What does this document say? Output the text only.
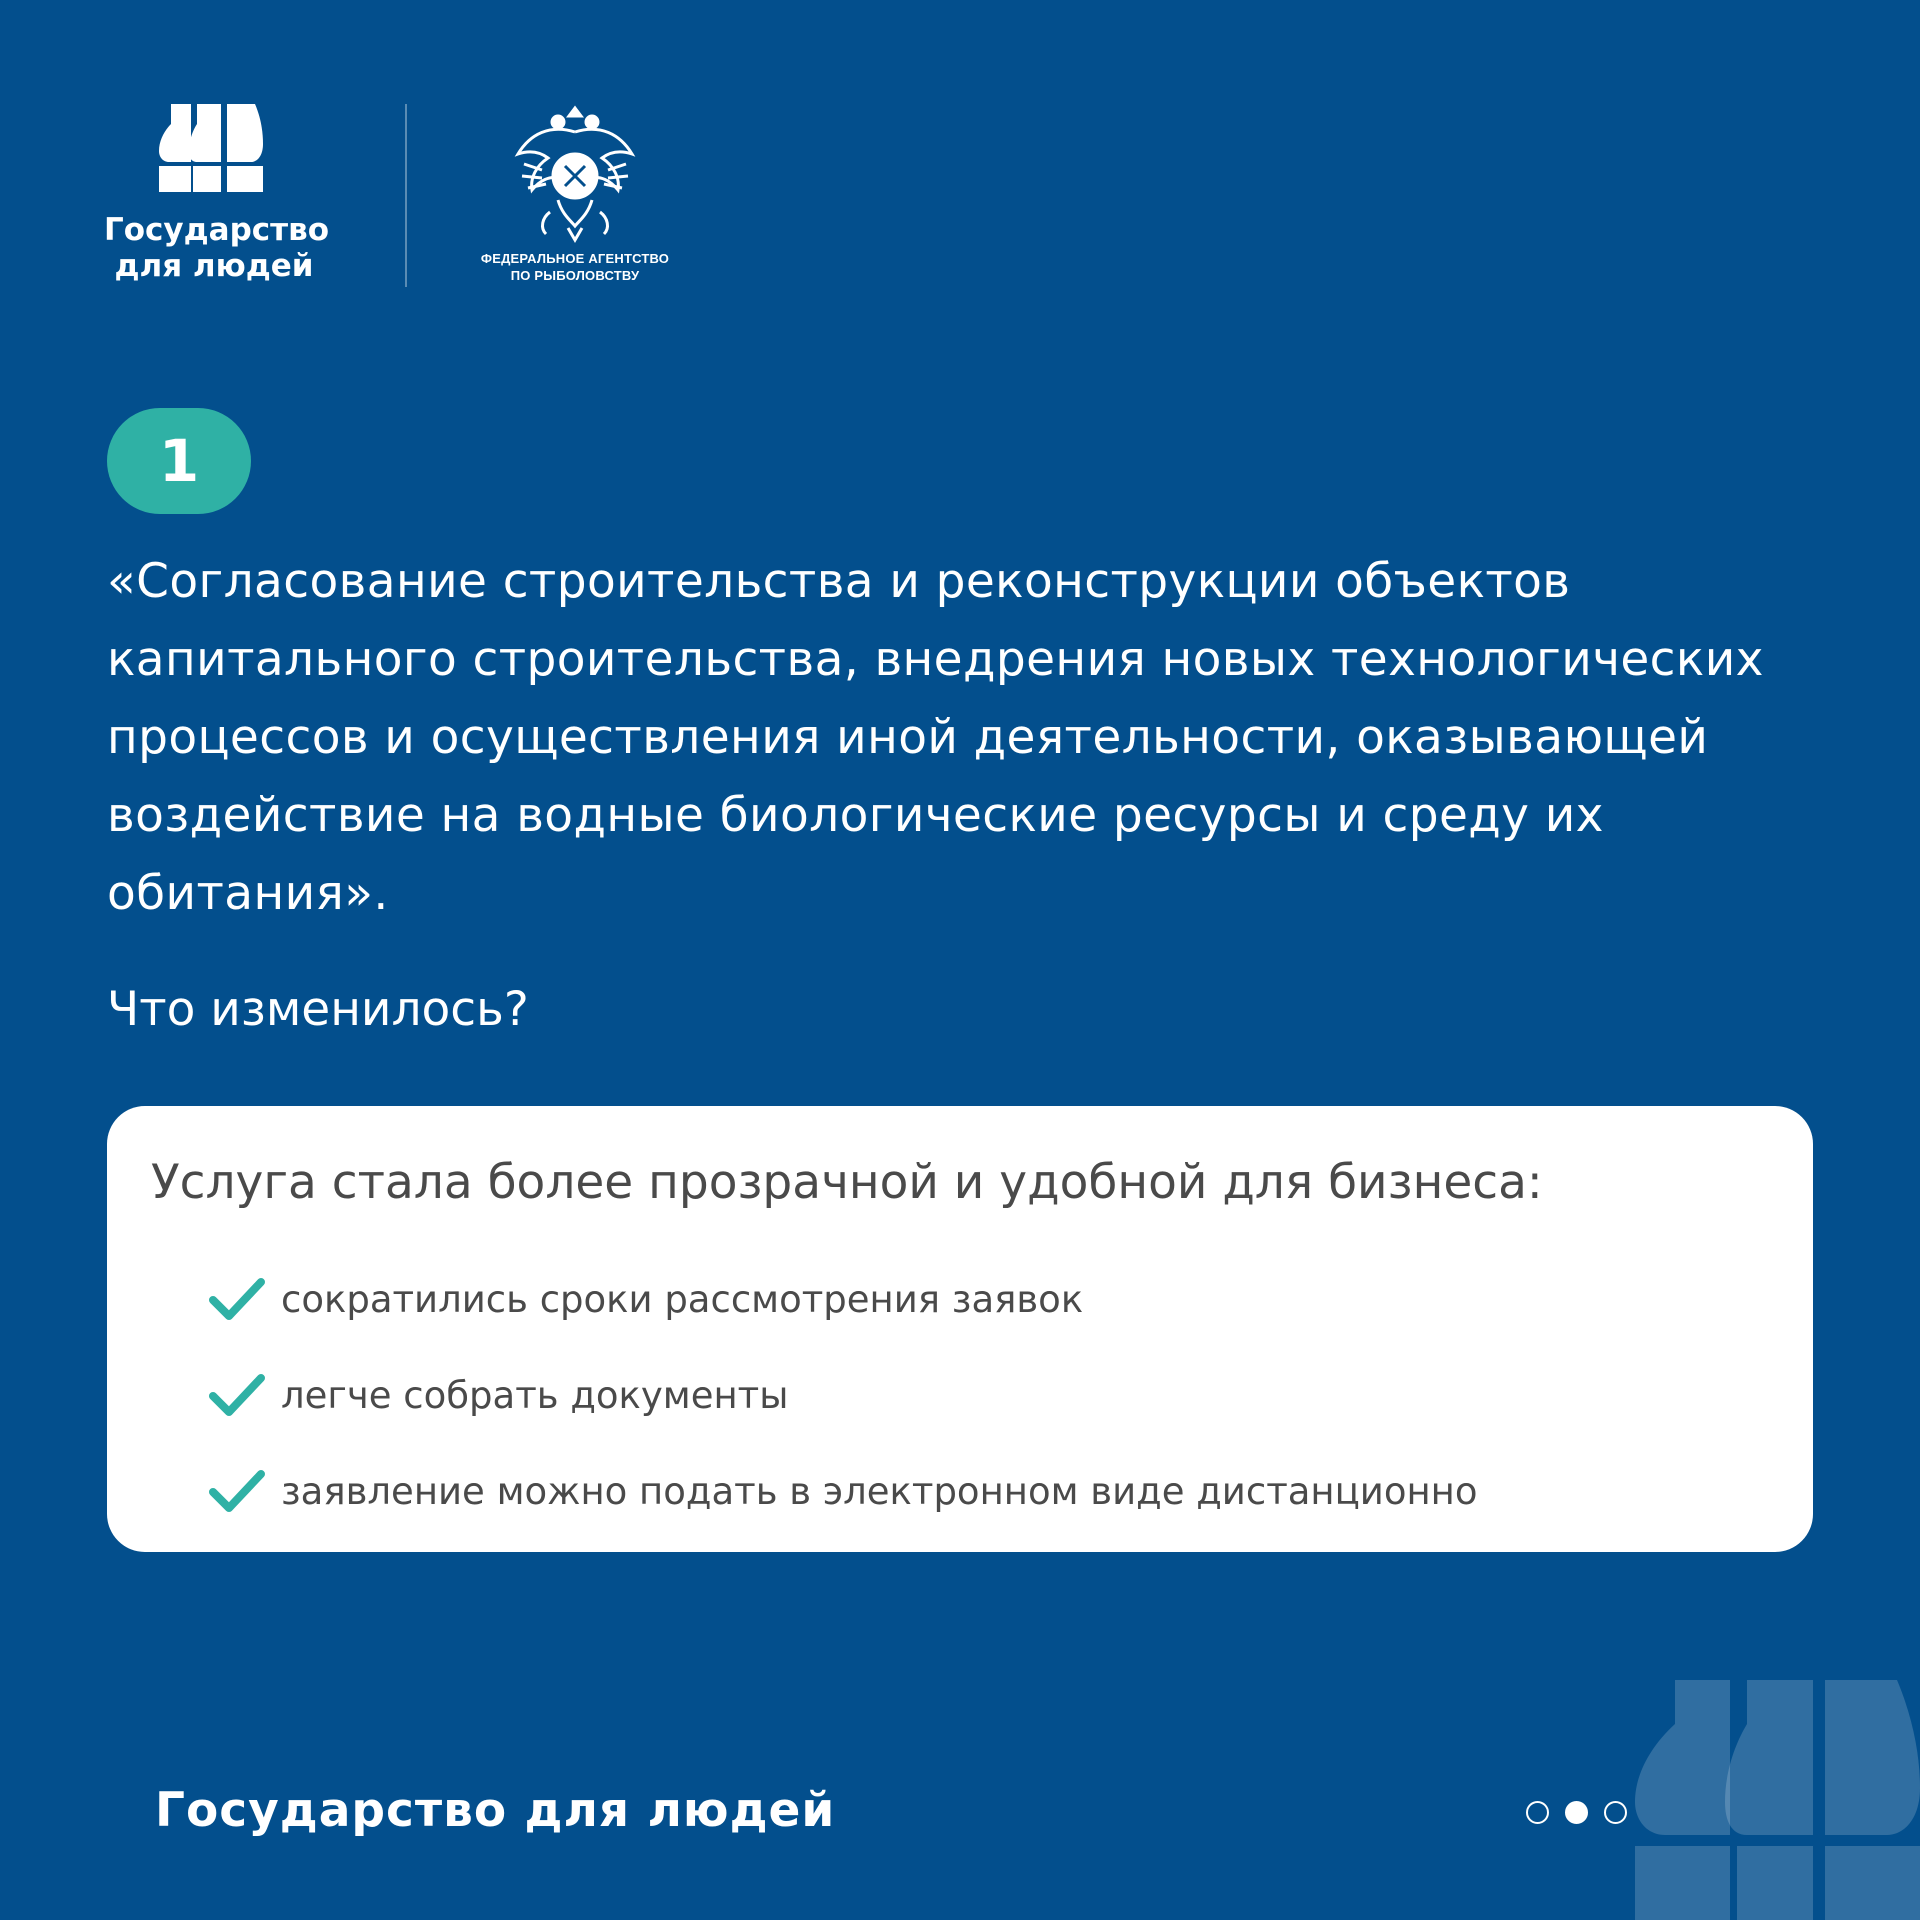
Государство
для людей	ФЕДЕРАЛЬНОЕ АГЕНТСТВО
ПО РЫБОЛОВСТВУ
1
«Согласование строительства и реконструкции объектов капитального строительства, внедрения новых технологических процессов и осуществления иной деятельности, оказывающей воздействие на водные биологические ресурсы и среду их обитания».
Что изменилось?
Услуга стала более прозрачной и удобной для бизнеса:
сократились сроки рассмотрения заявок
легче собрать документы
заявление можно подать в электронном виде дистанционно
Государство для людей
